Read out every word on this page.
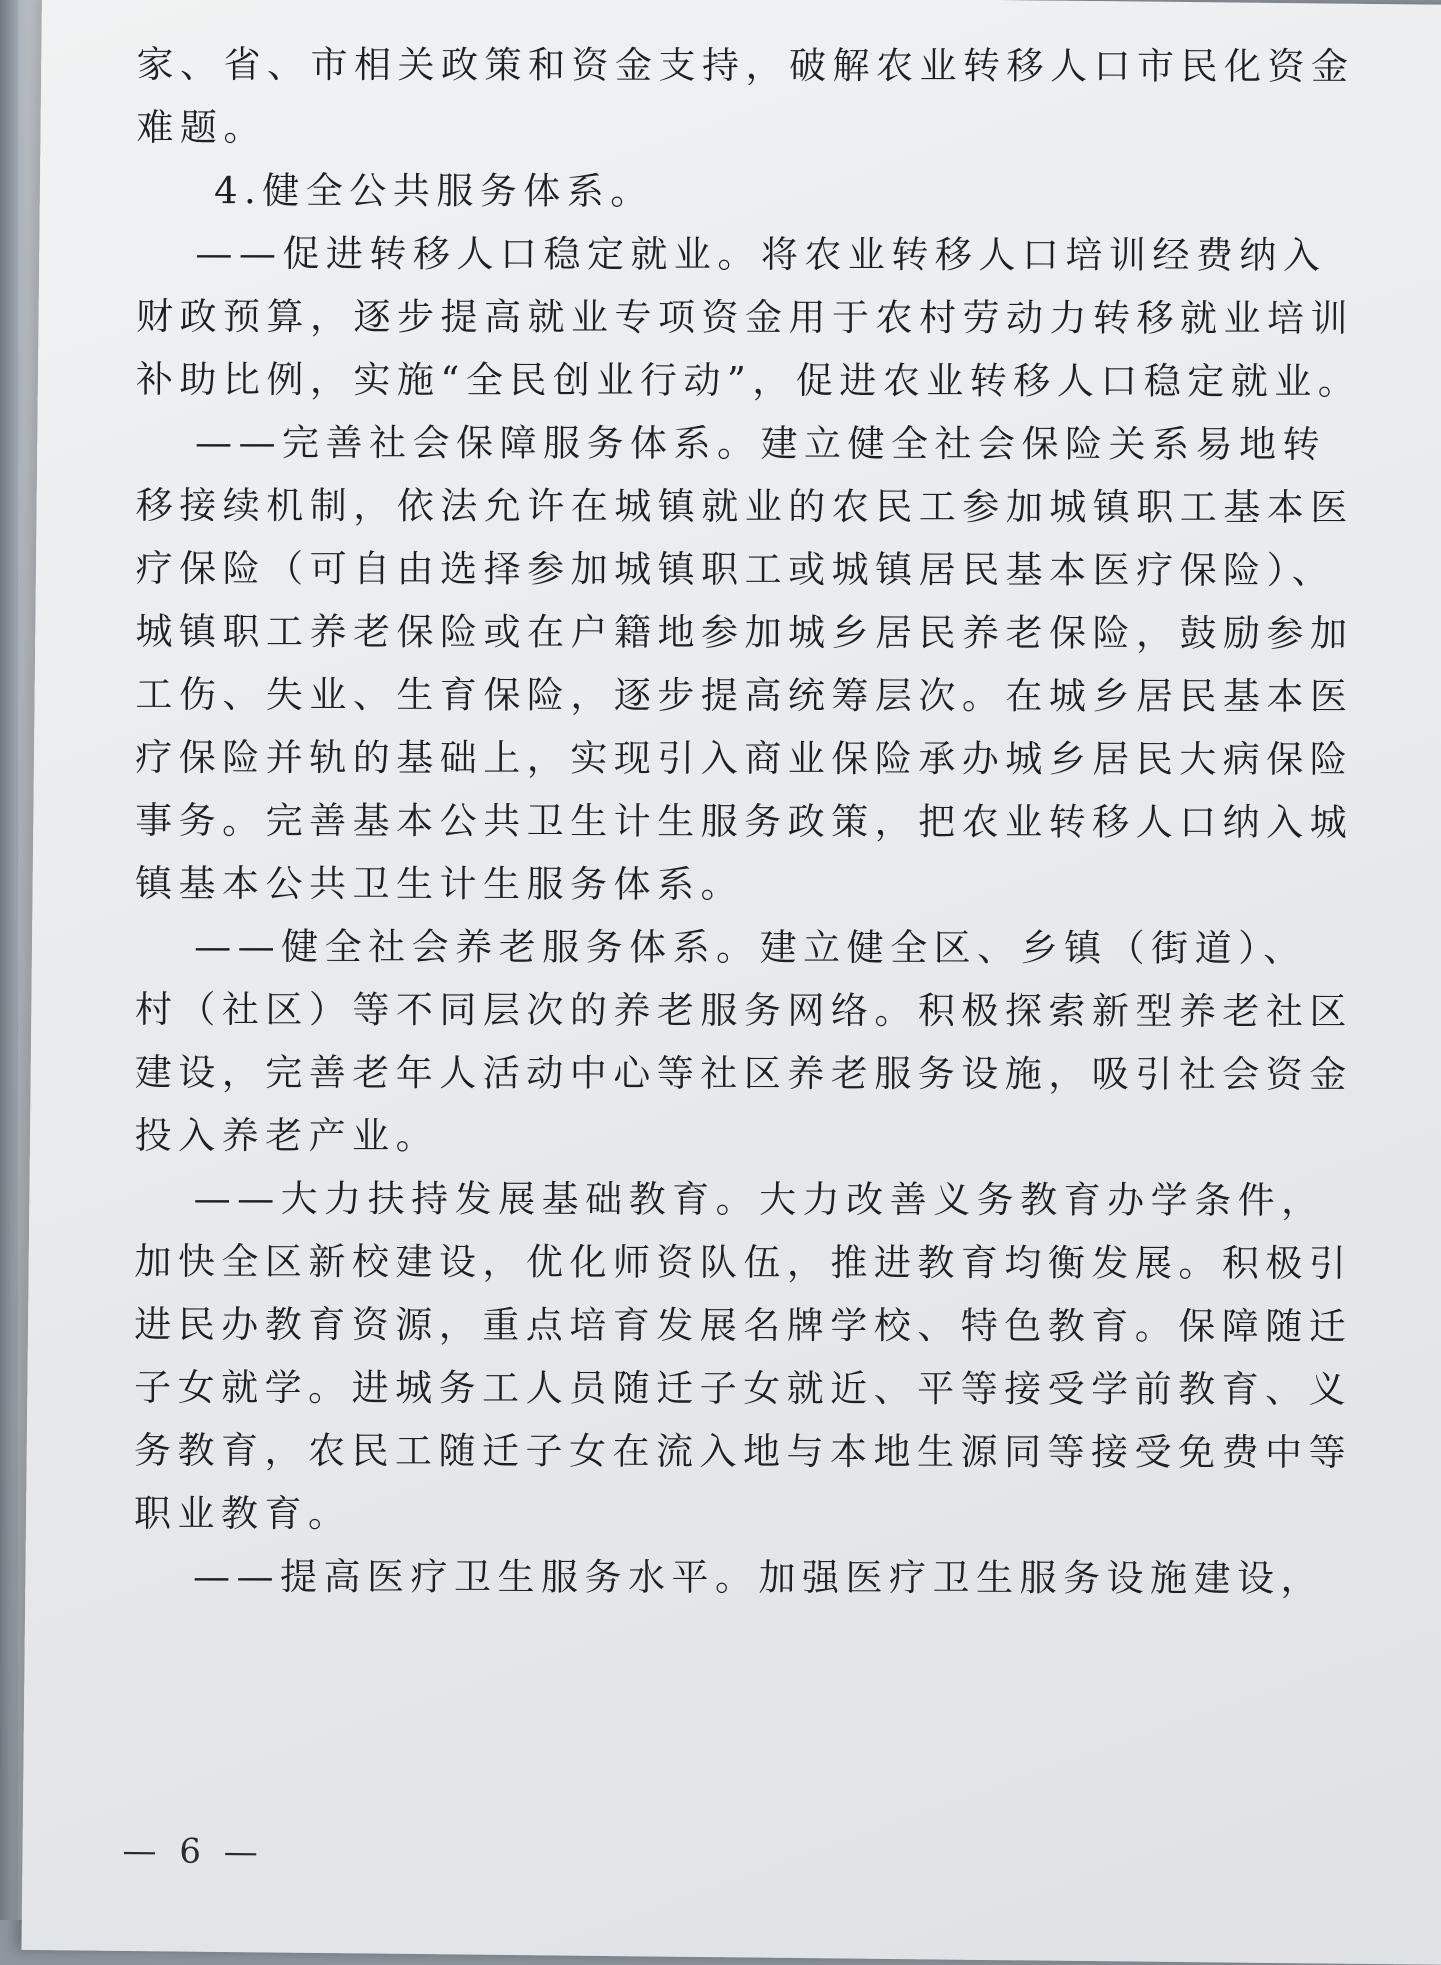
家、省、市相关政策和资金支持，破解农业转移人口市民化资金
难题。
4.健全公共服务体系。
——促进转移人口稳定就业。将农业转移人口培训经费纳入
财政预算，逐步提高就业专项资金用于农村劳动力转移就业培训
补助比例，实施“全民创业行动”，促进农业转移人口稳定就业。
——完善社会保障服务体系。建立健全社会保险关系易地转
移接续机制，依法允许在城镇就业的农民工参加城镇职工基本医
疗保险（可自由选择参加城镇职工或城镇居民基本医疗保险）、
城镇职工养老保险或在户籍地参加城乡居民养老保险，鼓励参加
工伤、失业、生育保险，逐步提高统筹层次。在城乡居民基本医
疗保险并轨的基础上，实现引入商业保险承办城乡居民大病保险
事务。完善基本公共卫生计生服务政策，把农业转移人口纳入城
镇基本公共卫生计生服务体系。
——健全社会养老服务体系。建立健全区、乡镇（街道）、
村（社区）等不同层次的养老服务网络。积极探索新型养老社区
建设，完善老年人活动中心等社区养老服务设施，吸引社会资金
投入养老产业。
——大力扶持发展基础教育。大力改善义务教育办学条件，
加快全区新校建设，优化师资队伍，推进教育均衡发展。积极引
进民办教育资源，重点培育发展名牌学校、特色教育。保障随迁
子女就学。进城务工人员随迁子女就近、平等接受学前教育、义
务教育，农民工随迁子女在流入地与本地生源同等接受免费中等
职业教育。
——提高医疗卫生服务水平。加强医疗卫生服务设施建设，
— 6 —
